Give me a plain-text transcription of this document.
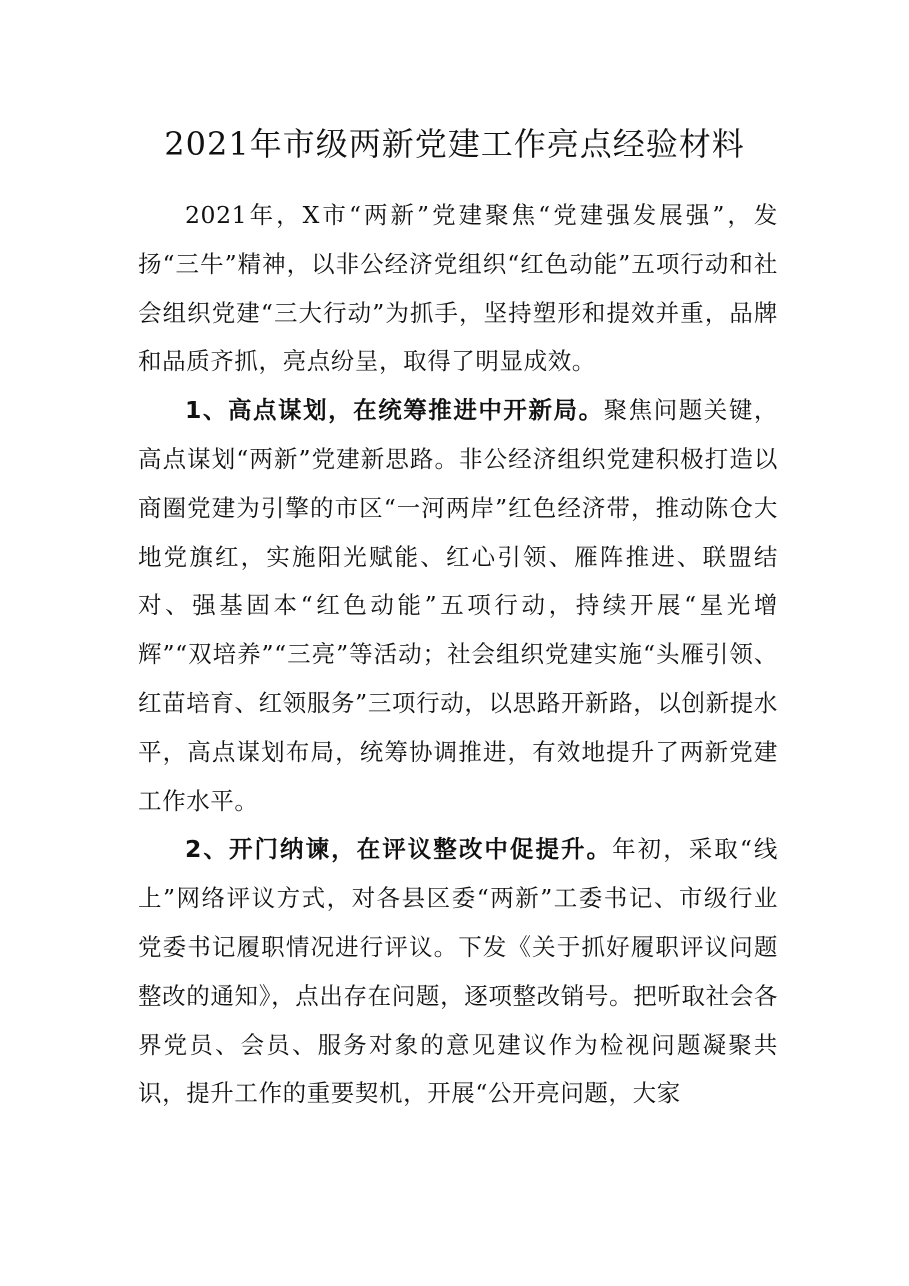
2021年市级两新党建工作亮点经验材料

2021年，X市“两新”党建聚焦“党建强发展强”，发扬“三牛”精神，以非公经济党组织“红色动能”五项行动和社会组织党建“三大行动”为抓手，坚持塑形和提效并重，品牌和品质齐抓，亮点纷呈，取得了明显成效。

1、高点谋划，在统筹推进中开新局。聚焦问题关键，高点谋划“两新”党建新思路。非公经济组织党建积极打造以商圈党建为引擎的市区“一河两岸”红色经济带，推动陈仓大地党旗红，实施阳光赋能、红心引领、雁阵推进、联盟结对、强基固本“红色动能”五项行动，持续开展“星光增辉”“双培养”“三亮”等活动；社会组织党建实施“头雁引领、红苗培育、红领服务”三项行动，以思路开新路，以创新提水平，高点谋划布局，统筹协调推进，有效地提升了两新党建工作水平。

2、开门纳谏，在评议整改中促提升。年初，采取“线上”网络评议方式，对各县区委“两新”工委书记、市级行业党委书记履职情况进行评议。下发《关于抓好履职评议问题整改的通知》，点出存在问题，逐项整改销号。把听取社会各界党员、会员、服务对象的意见建议作为检视问题凝聚共识，提升工作的重要契机，开展“公开亮问题，大家
